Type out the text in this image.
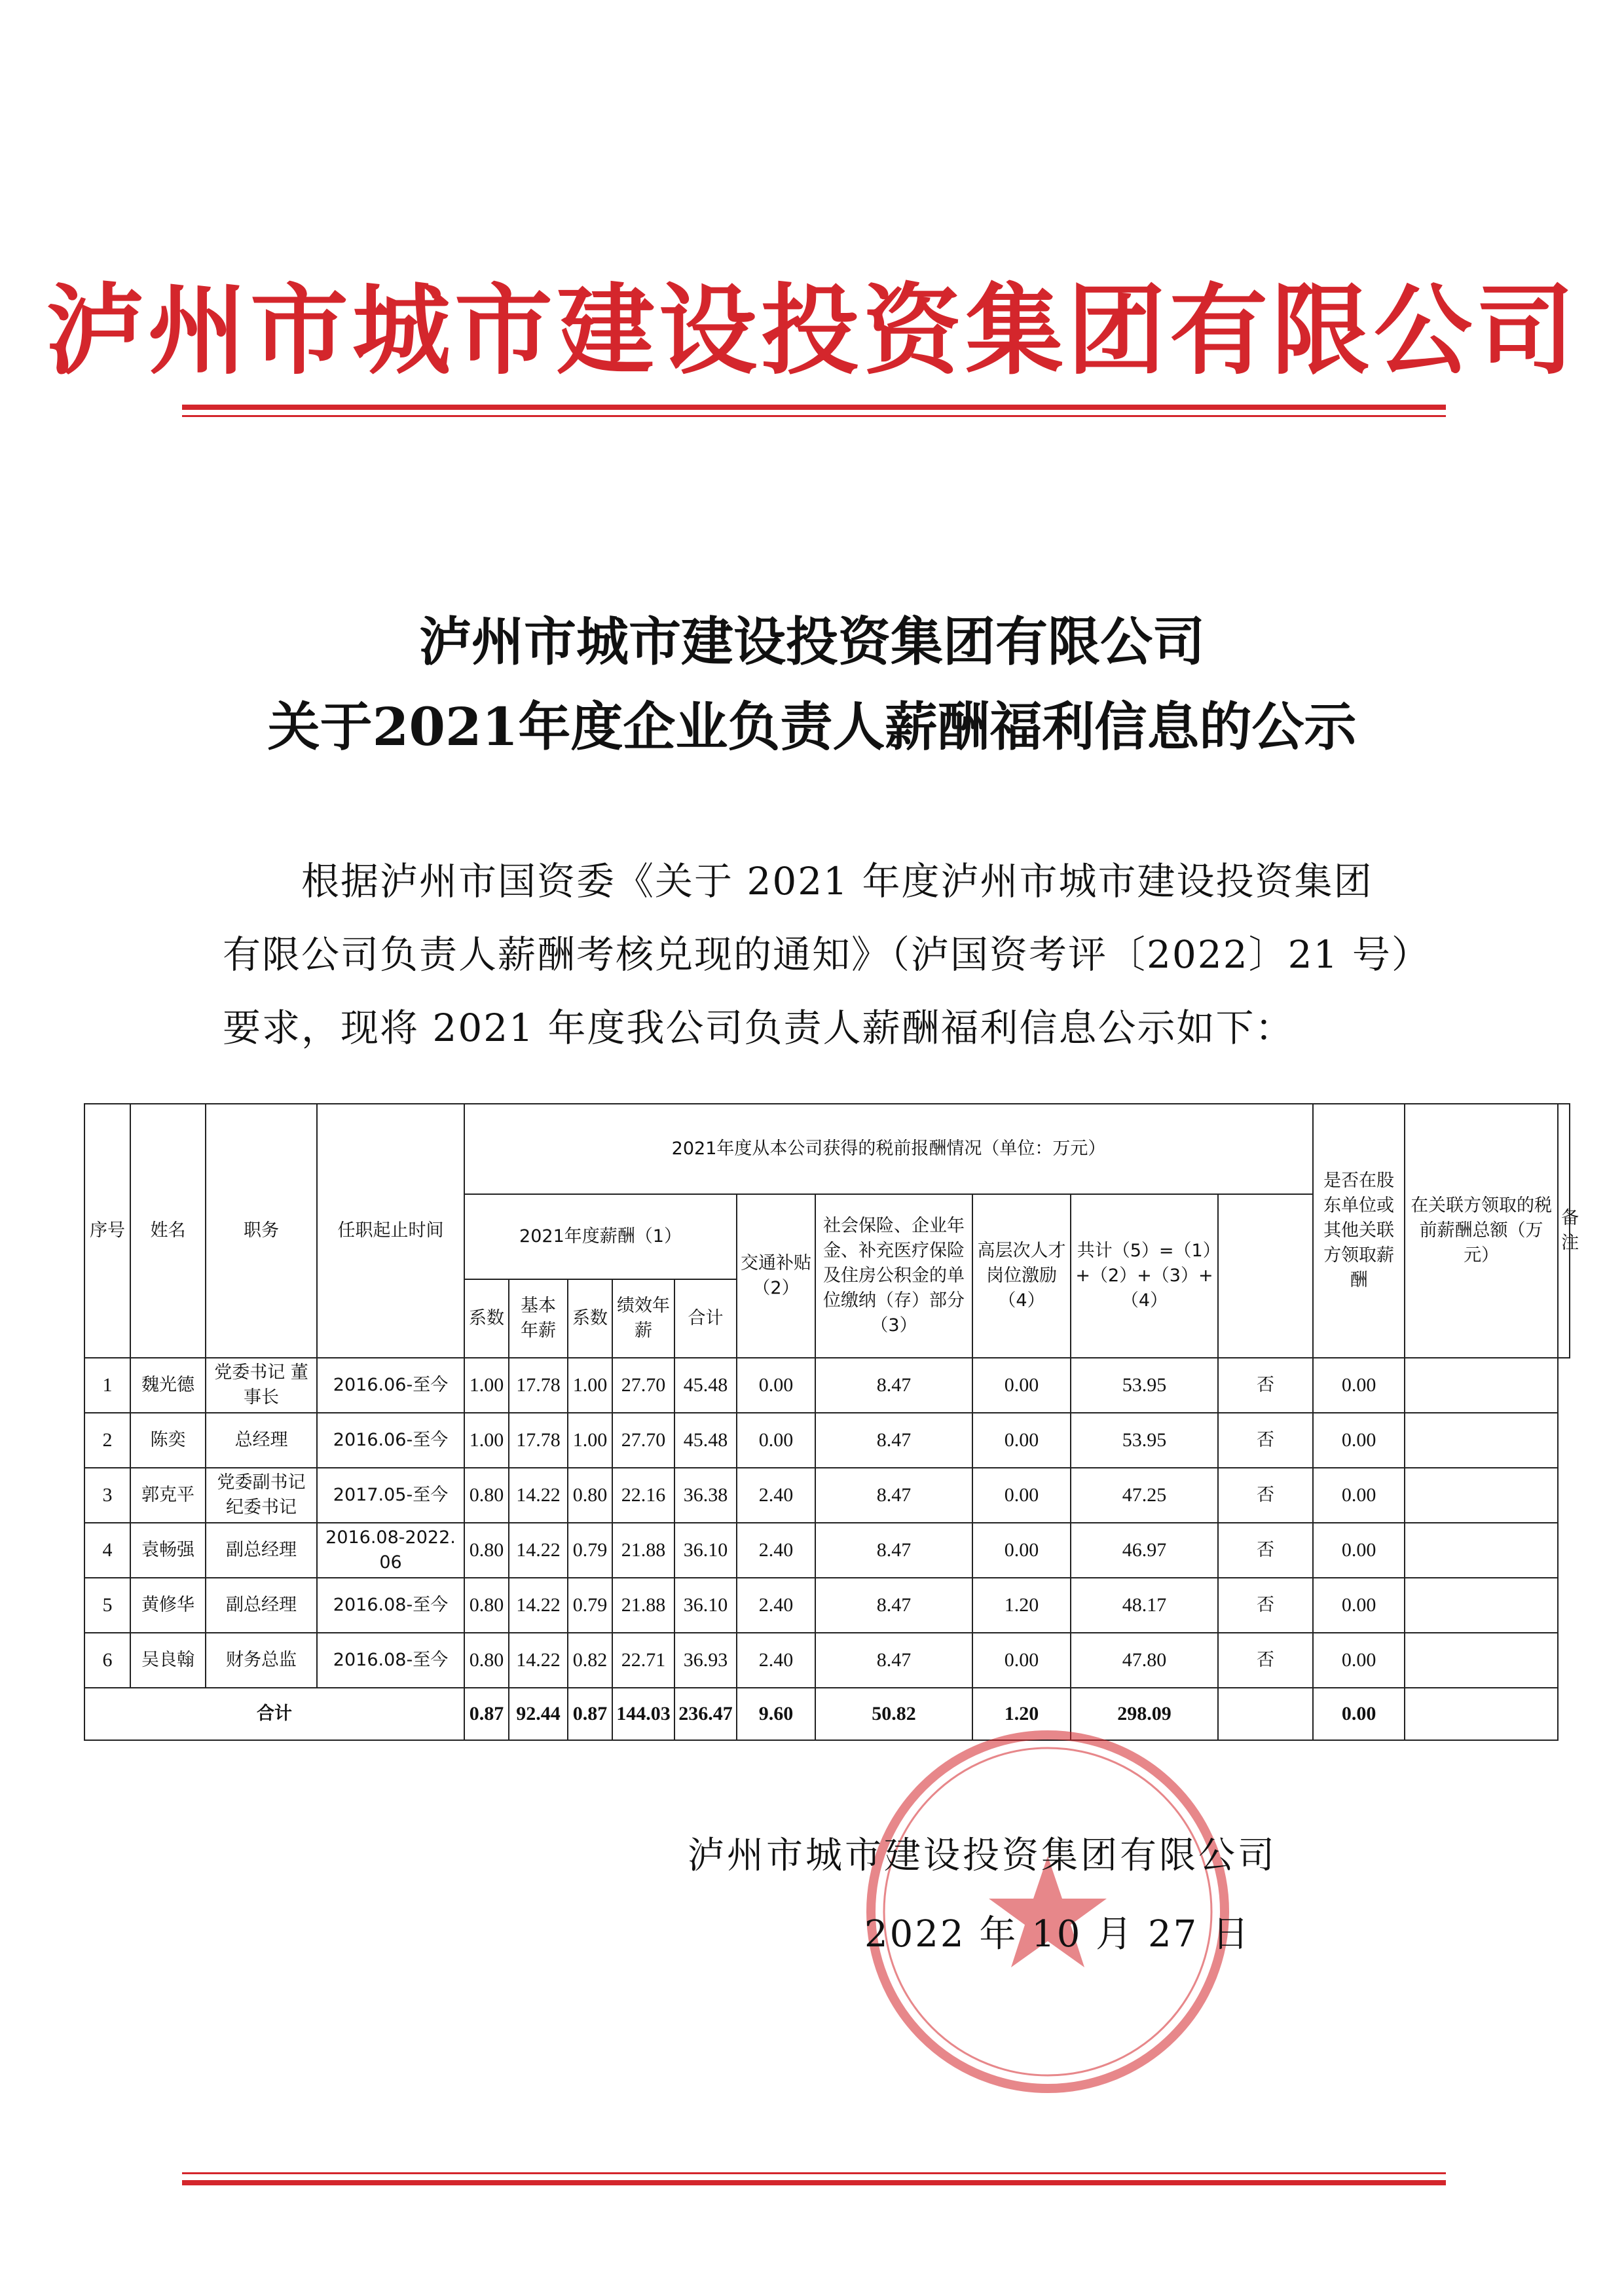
泸州市城市建设投资集团有限公司
泸州市城市建设投资集团有限公司
关于2021年度企业负责人薪酬福利信息的公示
根据泸州市国资委《关于 2021 年度泸州市城市建设投资集团
有限公司负责人薪酬考核兑现的通知》（泸国资考评〔2022〕21 号）
要求，现将 2021 年度我公司负责人薪酬福利信息公示如下：
序号	姓名	职务	任职起止时间	2021年度从本公司获得的税前报酬情况（单位：万元）										是否在股东单位或其他关联方领取薪酬	在关联方领取的税前薪酬总额（万元）	备注
				2021年度薪酬（1）					交通补贴（2）	社会保险、企业年金、补充医疗保险及住房公积金的单位缴纳（存）部分（3）	高层次人才岗位激励（4）	共计（5）=（1）+（2）+（3）+（4）				
				系数	基本年薪	系数	绩效年薪	合计								
1	魏光德	党委书记 董事长	2016.06-至今	1.00	17.78	1.00	27.70	45.48	0.00	8.47	0.00	53.95	否	0.00		
2	陈奕	总经理	2016.06-至今	1.00	17.78	1.00	27.70	45.48	0.00	8.47	0.00	53.95	否	0.00		
3	郭克平	党委副书记 纪委书记	2017.05-至今	0.80	14.22	0.80	22.16	36.38	2.40	8.47	0.00	47.25	否	0.00		
4	袁畅强	副总经理	2016.08-2022.06	0.80	14.22	0.79	21.88	36.10	2.40	8.47	0.00	46.97	否	0.00		
5	黄修华	副总经理	2016.08-至今	0.80	14.22	0.79	21.88	36.10	2.40	8.47	1.20	48.17	否	0.00		
6	吴良翰	财务总监	2016.08-至今	0.80	14.22	0.82	22.71	36.93	2.40	8.47	0.00	47.80	否	0.00		
合计				0.87	92.44	0.87	144.03	236.47	9.60	50.82	1.20	298.09		0.00		
泸州市城市建设投资集团有限公司
2022 年 10 月 27 日
